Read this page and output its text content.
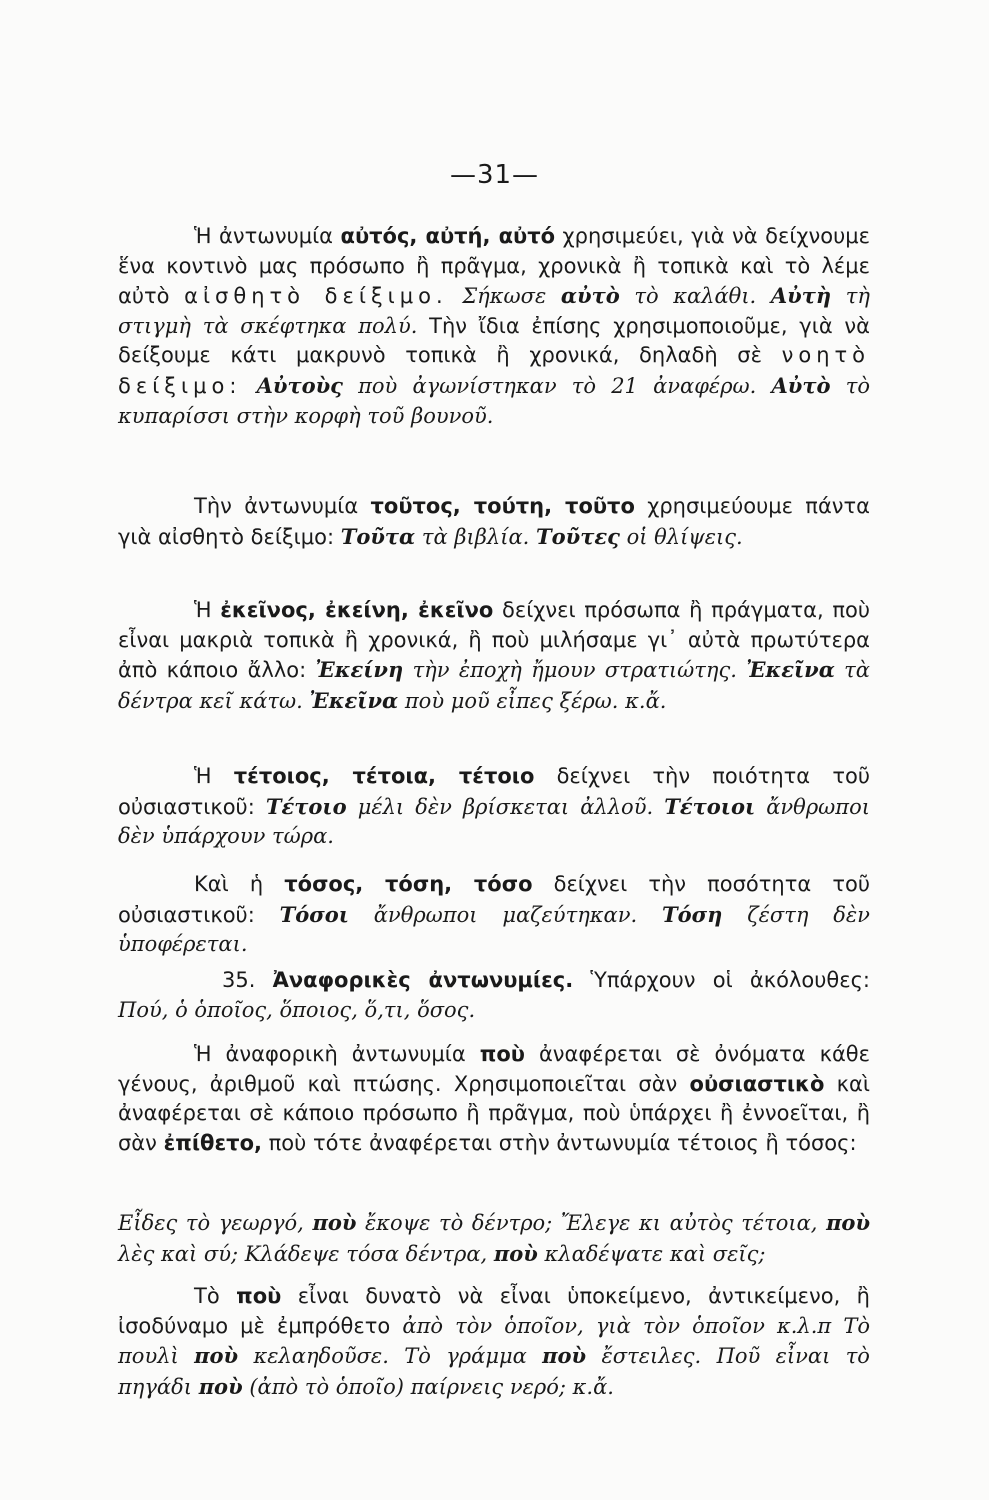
—31—

Ἡ ἀντωνυμία αὐτός, αὐτή, αὐτό χρησιμεύει, γιὰ νὰ δείχνουμε ἕνα κοντινὸ μας πρόσωπο ἢ πρᾶγμα, χρονικὰ ἢ τοπικὰ καὶ τὸ λέμε αὐτὸ αἰσθητὸ δείξιμο. Σήκωσε αὐτὸ τὸ καλάθι. Αὐτὴ τὴ στιγμὴ τὰ σκέφτηκα πολύ. Τὴν ἴδια ἐπίσης χρησιμοποιοῦμε, γιὰ νὰ δείξουμε κάτι μακρυνὸ τοπικὰ ἢ χρονικά, δηλαδὴ σὲ νοητὸ δείξιμο: Αὐτοὺς ποὺ ἀγωνίστηκαν τὸ 21 ἀναφέρω. Αὐτὸ τὸ κυπαρίσσι στὴν κορφὴ τοῦ βουνοῦ.

Τὴν ἀντωνυμία τοῦτος, τούτη, τοῦτο χρησιμεύουμε πάντα γιὰ αἰσθητὸ δείξιμο: Τοῦτα τὰ βιβλία. Τοῦτες οἱ θλίψεις.

Ἡ ἐκεῖνος, ἐκείνη, ἐκεῖνο δείχνει πρόσωπα ἢ πράγματα, ποὺ εἶναι μακριὰ τοπικὰ ἢ χρονικά, ἢ ποὺ μιλήσαμε γι᾿ αὐτὰ πρωτύτερα ἀπὸ κάποιο ἄλλο: Ἐκείνη τὴν ἐποχὴ ἤμουν στρατιώτης. Ἐκεῖνα τὰ δέντρα κεῖ κάτω. Ἐκεῖνα ποὺ μοῦ εἶπες ξέρω. κ.ἄ.

Ἡ τέτοιος, τέτοια, τέτοιο δείχνει τὴν ποιότητα τοῦ οὐσιαστικοῦ: Τέτοιο μέλι δὲν βρίσκεται ἀλλοῦ. Τέτοιοι ἄνθρωποι δὲν ὑπάρχουν τώρα.

Καὶ ἡ τόσος, τόση, τόσο δείχνει τὴν ποσότητα τοῦ οὐσιαστικοῦ: Τόσοι ἄνθρωποι μαζεύτηκαν. Τόση ζέστη δὲν ὑποφέρεται.

35. Ἀναφορικὲς ἀντωνυμίες. Ὑπάρχουν οἱ ἀκόλουθες: Πού, ὁ ὁποῖος, ὅποιος, ὅ,τι, ὅσος.

Ἡ ἀναφορικὴ ἀντωνυμία ποὺ ἀναφέρεται σὲ ὀνόματα κάθε γένους, ἀριθμοῦ καὶ πτώσης. Χρησιμοποιεῖται σὰν οὐσιαστικὸ καὶ ἀναφέρεται σὲ κάποιο πρόσωπο ἢ πρᾶγμα, ποὺ ὑπάρχει ἢ ἐννοεῖται, ἢ σὰν ἐπίθετο, ποὺ τότε ἀναφέρεται στὴν ἀντωνυμία τέτοιος ἢ τόσος:

Εἶδες τὸ γεωργό, ποὺ ἔκοψε τὸ δέντρο; Ἔλεγε κι αὐτὸς τέτοια, ποὺ λὲς καὶ σύ; Κλάδεψε τόσα δέντρα, ποὺ κλαδέψατε καὶ σεῖς;

Τὸ ποὺ εἶναι δυνατὸ νὰ εἶναι ὑποκείμενο, ἀντικείμενο, ἢ ἰσοδύναμο μὲ ἐμπρόθετο ἀπὸ τὸν ὁποῖον, γιὰ τὸν ὁποῖον κ.λ.π Τὸ πουλὶ ποὺ κελαηδοῦσε. Τὸ γράμμα ποὺ ἔστειλες. Ποῦ εἶναι τὸ πηγάδι ποὺ (ἀπὸ τὸ ὁποῖο) παίρνεις νερό; κ.ἄ.
